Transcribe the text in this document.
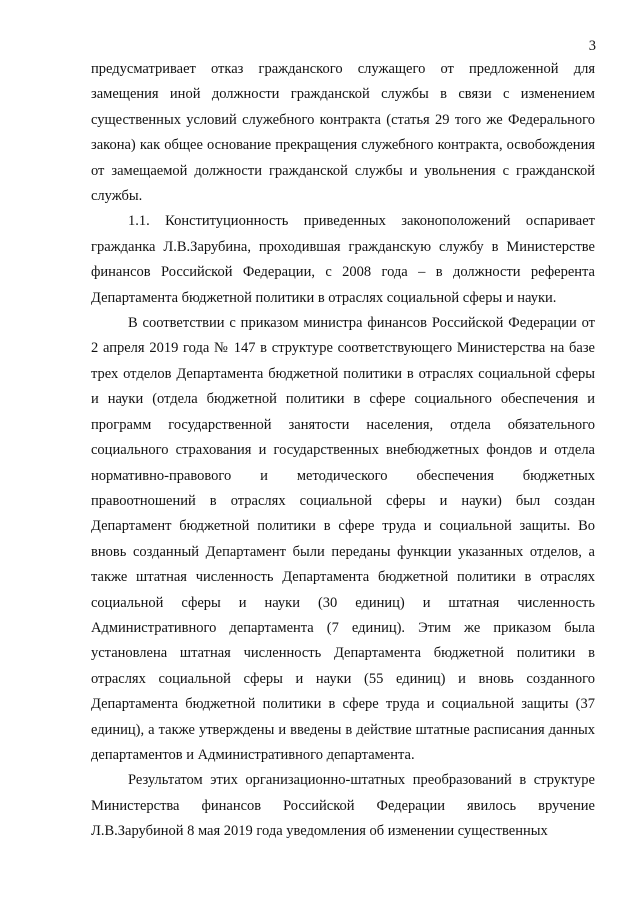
3

предусматривает отказ гражданского служащего от предложенной для замещения иной должности гражданской службы в связи с изменением существенных условий служебного контракта (статья 29 того же Федерального закона) как общее основание прекращения служебного контракта, освобождения от замещаемой должности гражданской службы и увольнения с гражданской службы.

1.1. Конституционность приведенных законоположений оспаривает гражданка Л.В.Зарубина, проходившая гражданскую службу в Министерстве финансов Российской Федерации, с 2008 года – в должности референта Департамента бюджетной политики в отраслях социальной сферы и науки.

В соответствии с приказом министра финансов Российской Федерации от 2 апреля 2019 года № 147 в структуре соответствующего Министерства на базе трех отделов Департамента бюджетной политики в отраслях социальной сферы и науки (отдела бюджетной политики в сфере социального обеспечения и программ государственной занятости населения, отдела обязательного социального страхования и государственных внебюджетных фондов и отдела нормативно-правового и методического обеспечения бюджетных правоотношений в отраслях социальной сферы и науки) был создан Департамент бюджетной политики в сфере труда и социальной защиты. Во вновь созданный Департамент были переданы функции указанных отделов, а также штатная численность Департамента бюджетной политики в отраслях социальной сферы и науки (30 единиц) и штатная численность Административного департамента (7 единиц). Этим же приказом была установлена штатная численность Департамента бюджетной политики в отраслях социальной сферы и науки (55 единиц) и вновь созданного Департамента бюджетной политики в сфере труда и социальной защиты (37 единиц), а также утверждены и введены в действие штатные расписания данных департаментов и Административного департамента.

Результатом этих организационно-штатных преобразований в структуре Министерства финансов Российской Федерации явилось вручение Л.В.Зарубиной 8 мая 2019 года уведомления об изменении существенных
